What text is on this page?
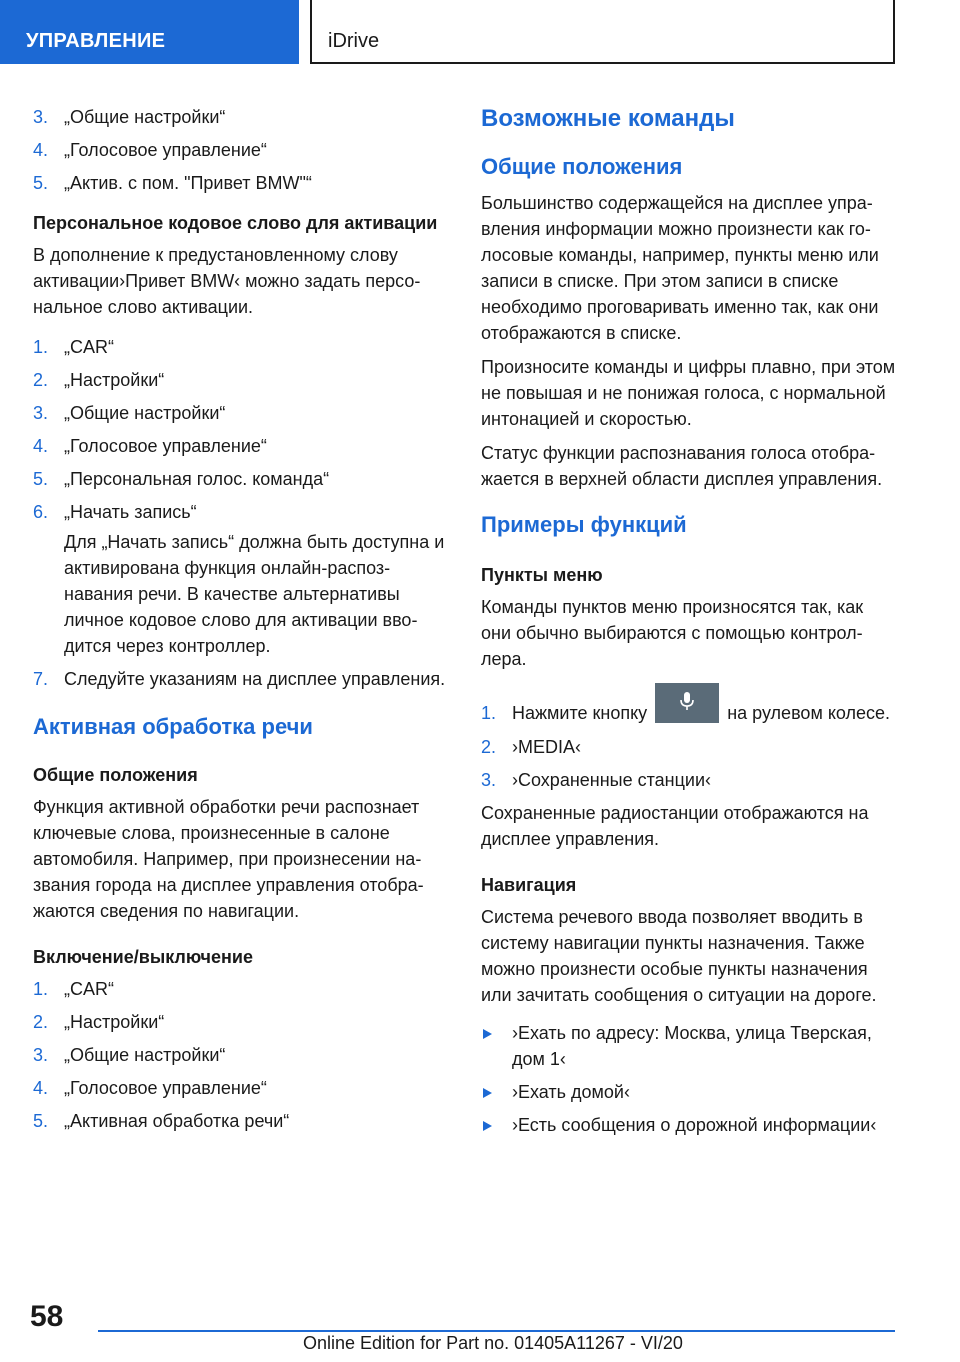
УПРАВЛЕНИЕ	iDrive
3. „Общие настройки“
4. „Голосовое управление“
5. „Актив. с пом. "Привет BMW"“
Персональное кодовое слово для активации

В дополнение к предустановленному слову активации›Привет BMW‹ можно задать персональное слово активации.

1. „CAR“
2. „Настройки“
3. „Общие настройки“
4. „Голосовое управление“
5. „Персональная голос. команда“
6. „Начать запись“
Для „Начать запись“ должна быть доступна и активирована функция онлайн-распознавания речи. В качестве альтернативы личное кодовое слово для активации вводится через контроллер.
7. Следуйте указаниям на дисплее управления.
Активная обработка речи
Общие положения

Функция активной обработки речи распознает ключевые слова, произнесенные в салоне автомобиля. Например, при произнесении названия города на дисплее управления отображаются сведения по навигации.

Включение/выключение
1. „CAR“
2. „Настройки“
3. „Общие настройки“
4. „Голосовое управление“
5. „Активная обработка речи“
Возможные команды
Общие положения

Большинство содержащейся на дисплее управления информации можно произнести как голосовые команды, например, пункты меню или записи в списке. При этом записи в списке необходимо проговаривать именно так, как они отображаются в списке.

Произносите команды и цифры плавно, при этом не повышая и не понижая голоса, с нормальной интонацией и скоростью.

Статус функции распознавания голоса отображается в верхней области дисплея управления.

Примеры функций
Пункты меню

Команды пунктов меню произносятся так, как они обычно выбираются с помощью контроллера.

1. Нажмите кнопку	на рулевом колесе.
2. ›MEDIA‹
3. ›Сохраненные станции‹

Сохраненные радиостанции отображаются на дисплее управления.

Навигация

Система речевого ввода позволяет вводить в систему навигации пункты назначения. Также можно произнести особые пункты назначения или зачитать сообщения о ситуации на дороге.

›Ехать по адресу: Москва, улица Тверская, дом 1‹
›Ехать домой‹
›Есть сообщения о дорожной информации‹
58
Online Edition for Part no. 01405A11267 - VI/20
